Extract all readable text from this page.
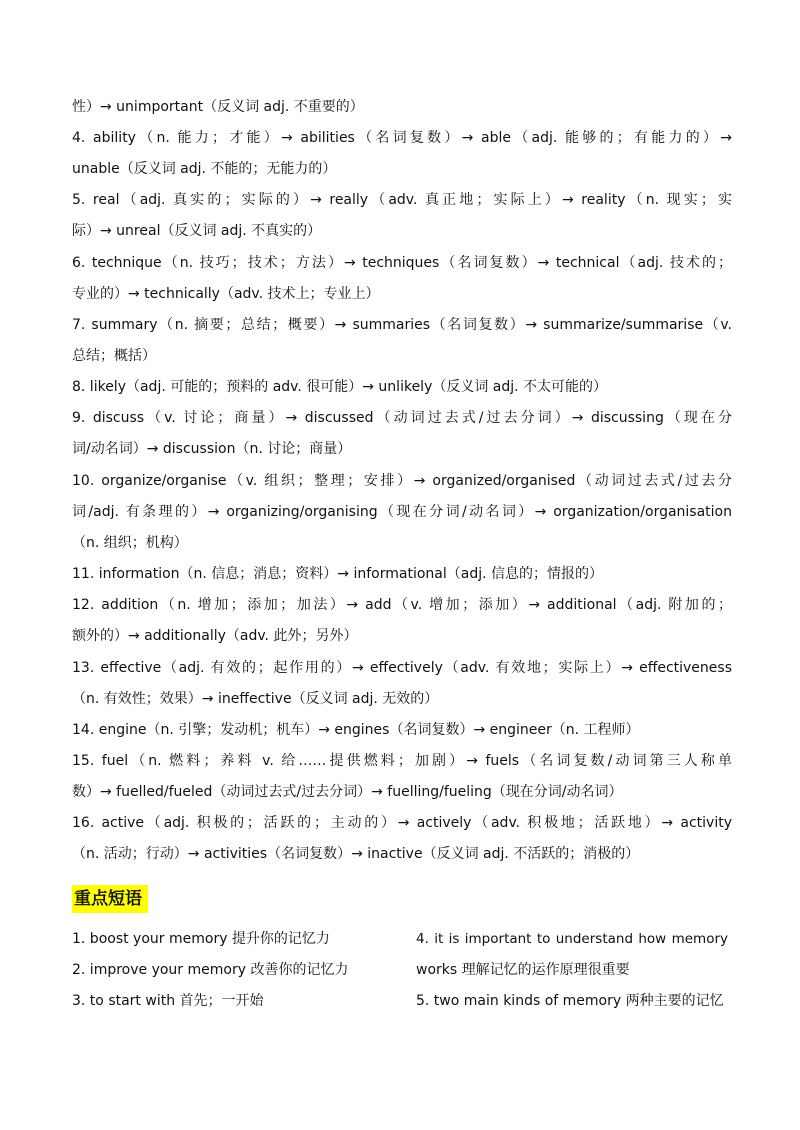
性）→ unimportant（反义词 adj. 不重要的）
4. ability（n. 能力；才能）→ abilities（名词复数）→ able（adj. 能够的；有能力的）→
unable（反义词 adj. 不能的；无能力的）
5. real（adj. 真实的；实际的）→ really（adv. 真正地；实际上）→ reality（n. 现实；实
际）→ unreal（反义词 adj. 不真实的）
6. technique（n. 技巧；技术；方法）→ techniques（名词复数）→ technical（adj. 技术的；
专业的）→ technically（adv. 技术上；专业上）
7. summary（n. 摘要；总结；概要）→ summaries（名词复数）→ summarize/summarise（v.
总结；概括）
8. likely（adj. 可能的；预料的 adv. 很可能）→ unlikely（反义词 adj. 不太可能的）
9. discuss（v. 讨论；商量）→ discussed（动词过去式/过去分词）→ discussing（现在分
词/动名词）→ discussion（n. 讨论；商量）
10. organize/organise（v. 组织；整理；安排）→ organized/organised（动词过去式/过去分
词/adj. 有条理的）→ organizing/organising（现在分词/动名词）→ organization/organisation
（n. 组织；机构）
11. information（n. 信息；消息；资料）→ informational（adj. 信息的；情报的）
12. addition（n. 增加；添加；加法）→ add（v. 增加；添加）→ additional（adj. 附加的；
额外的）→ additionally（adv. 此外；另外）
13. effective（adj. 有效的；起作用的）→ effectively（adv. 有效地；实际上）→ effectiveness
（n. 有效性；效果）→ ineffective（反义词 adj. 无效的）
14. engine（n. 引擎；发动机；机车）→ engines（名词复数）→ engineer（n. 工程师）
15. fuel（n. 燃料；养料 v. 给……提供燃料；加剧）→ fuels（名词复数/动词第三人称单
数）→ fuelled/fueled（动词过去式/过去分词）→ fuelling/fueling（现在分词/动名词）
16. active（adj. 积极的；活跃的；主动的）→ actively（adv. 积极地；活跃地）→ activity
（n. 活动；行动）→ activities（名词复数）→ inactive（反义词 adj. 不活跃的；消极的）
重点短语
1. boost your memory 提升你的记忆力
2. improve your memory 改善你的记忆力
3. to start with 首先；一开始
4. it is important to understand how memory
works 理解记忆的运作原理很重要
5. two main kinds of memory 两种主要的记忆
